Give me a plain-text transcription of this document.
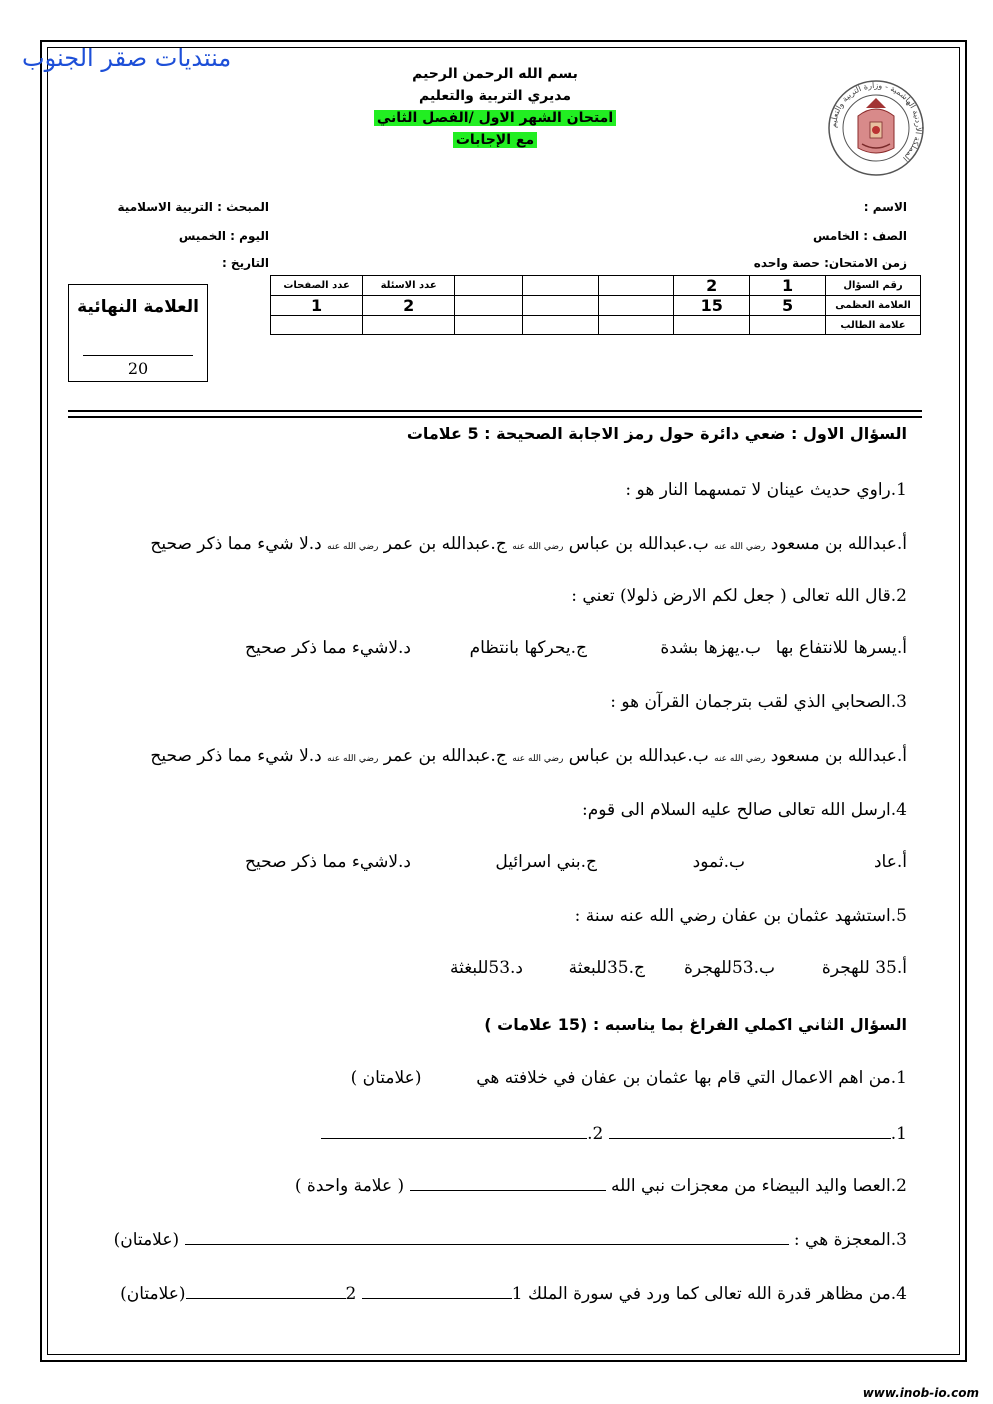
منتديات صقر الجنوب
بسم الله الرحمن الرحيم
مديري التربية والتعليم
امتحان الشهر الاول /الفصل الثاني
مع الإجابات
المملكة الأردنية الهاشمية - وزارة التربية والتعليم
الاسم :
المبحث : التربية الاسلامية
الصف : الخامس
اليوم : الخميس
زمن الامتحان: حصة واحده
التاريخ :
رقم السؤال	1	2				عدد الاسئلة	عدد الصفحات
العلامة العظمى	5	15				2	1
علامة الطالب							
العلامة النهائية
20
السؤال الاول : ضعي دائرة حول رمز الاجابة الصحيحة : 5 علامات
1.راوي حديث عينان لا تمسهما النار هو :
أ.عبدالله بن مسعود رضي الله عنه ب.عبدالله بن عباس رضي الله عنه ج.عبدالله بن عمر رضي الله عنه د.لا شيء مما ذكر صحيح
2.قال الله تعالى ( جعل لكم الارض ذلولا) تعني :
أ.يسرها للانتفاع بها
ب.يهزها بشدة
ج.يحركها بانتظام
د.لاشيء مما ذكر صحيح
3.الصحابي الذي لقب بترجمان القرآن هو :
أ.عبدالله بن مسعود رضي الله عنه ب.عبدالله بن عباس رضي الله عنه ج.عبدالله بن عمر رضي الله عنه د.لا شيء مما ذكر صحيح
4.ارسل الله تعالى صالح عليه السلام الى قوم:
أ.عاد
ب.ثمود
ج.بني اسرائيل
د.لاشيء مما ذكر صحيح
5.استشهد عثمان بن عفان رضي الله عنه سنة :
أ.35 للهجرة
ب.53للهجرة
ج.35للبعثة
د.53للبغثة
السؤال الثاني اكملي الفراغ بما يناسبه : (15 علامات )
1.من اهم الاعمال التي قام بها عثمان بن عفان في خلافته هي  (علامتان )
1. 2.
2.العصا واليد البيضاء من معجزات نبي الله  ( علامة واحدة )
3.المعجزة هي :  (علامتان)
4.من مظاهر قدرة الله تعالى كما ورد في سورة الملك 1 2(علامتان)
www.inob-io.com
